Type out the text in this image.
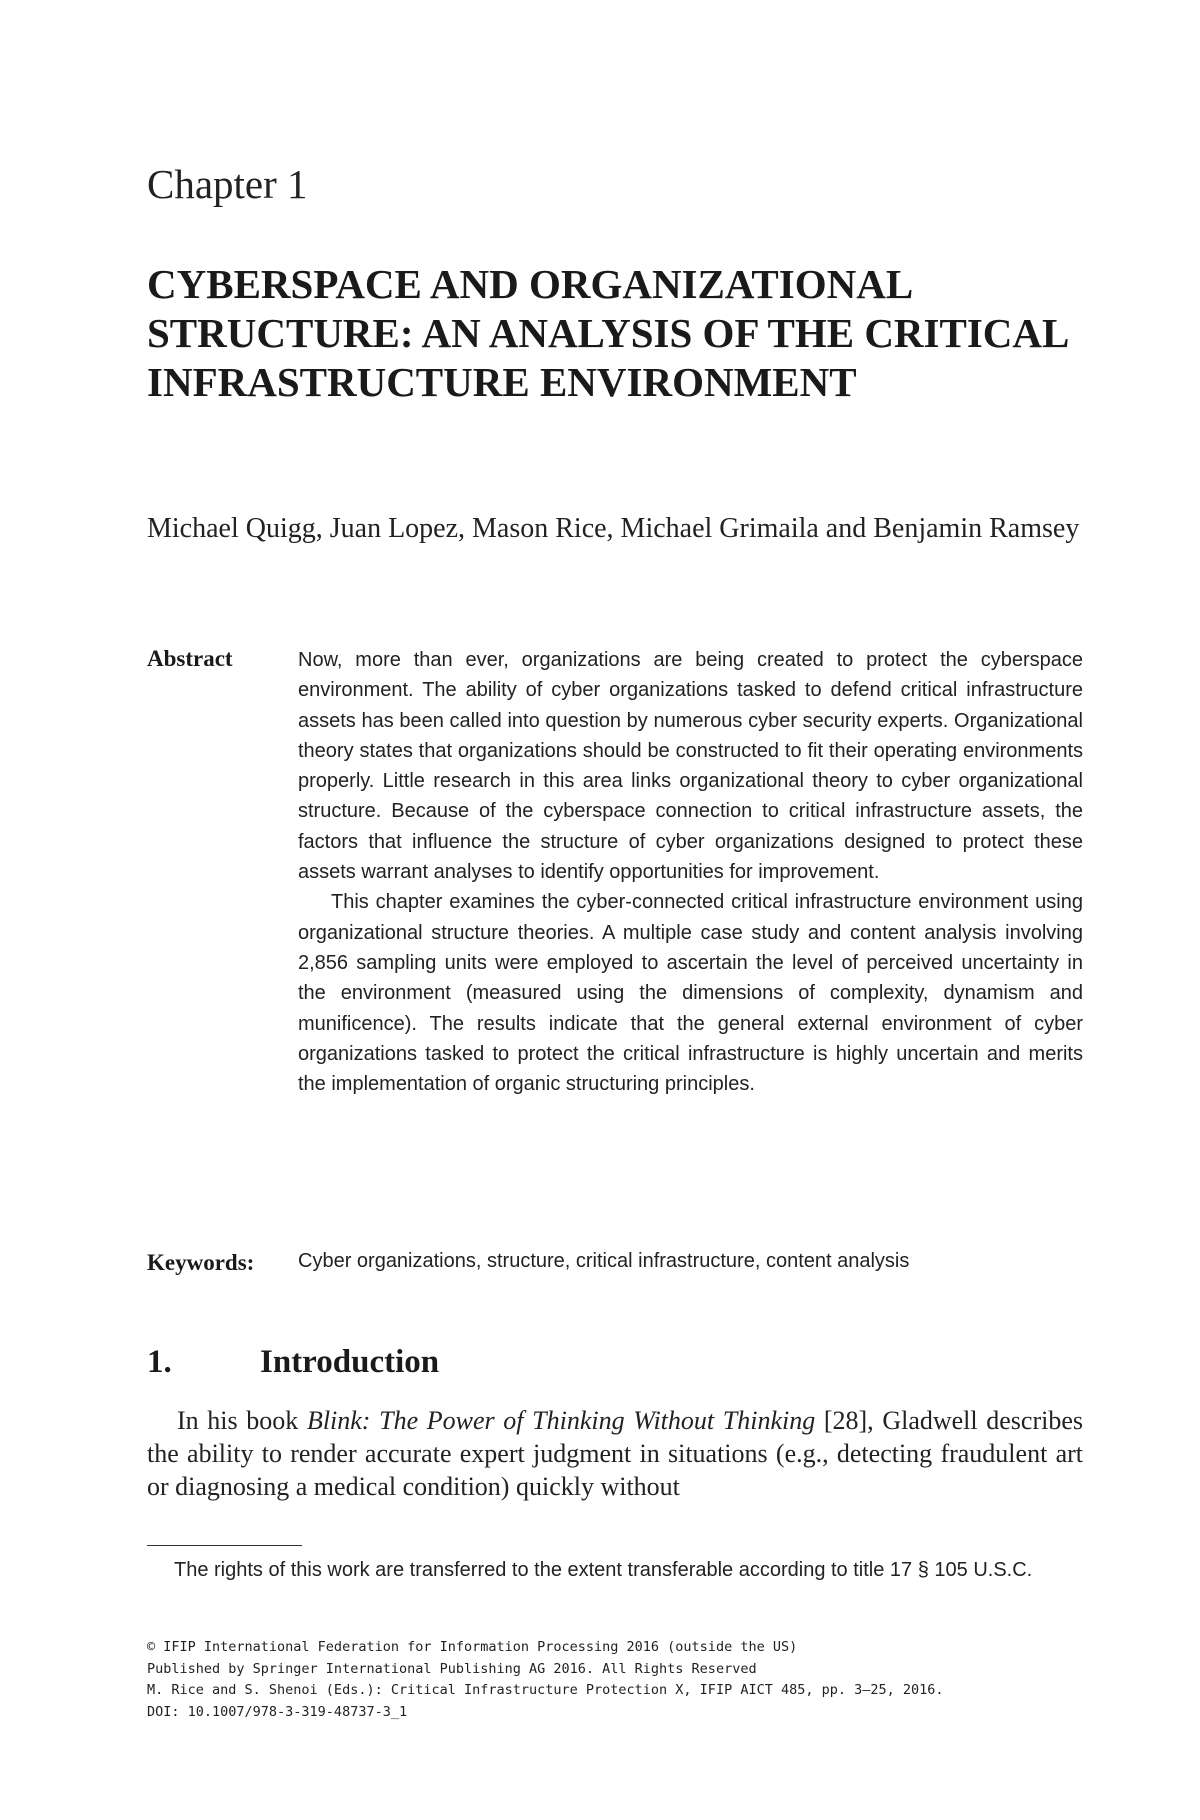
Chapter 1
CYBERSPACE AND ORGANIZATIONAL STRUCTURE: AN ANALYSIS OF THE CRITICAL INFRASTRUCTURE ENVIRONMENT
Michael Quigg, Juan Lopez, Mason Rice, Michael Grimaila and Benjamin Ramsey
Abstract	Now, more than ever, organizations are being created to protect the cyberspace environment. The ability of cyber organizations tasked to defend critical infrastructure assets has been called into question by numerous cyber security experts. Organizational theory states that organizations should be constructed to fit their operating environments properly. Little research in this area links organizational theory to cyber organizational structure. Because of the cyberspace connection to critical infrastructure assets, the factors that influence the structure of cyber organizations designed to protect these assets warrant analyses to identify opportunities for improvement.

This chapter examines the cyber-connected critical infrastructure environment using organizational structure theories. A multiple case study and content analysis involving 2,856 sampling units were employed to ascertain the level of perceived uncertainty in the environment (measured using the dimensions of complexity, dynamism and munificence). The results indicate that the general external environment of cyber organizations tasked to protect the critical infrastructure is highly uncertain and merits the implementation of organic structuring principles.

Keywords: Cyber organizations, structure, critical infrastructure, content analysis
1.	Introduction

In his book Blink: The Power of Thinking Without Thinking [28], Gladwell describes the ability to render accurate expert judgment in situations (e.g., detecting fraudulent art or diagnosing a medical condition) quickly without

The rights of this work are transferred to the extent transferable according to title 17 § 105 U.S.C.
© IFIP International Federation for Information Processing 2016 (outside the US)
Published by Springer International Publishing AG 2016. All Rights Reserved
M. Rice and S. Shenoi (Eds.): Critical Infrastructure Protection X, IFIP AICT 485, pp. 3–25, 2016.
DOI: 10.1007/978-3-319-48737-3_1
